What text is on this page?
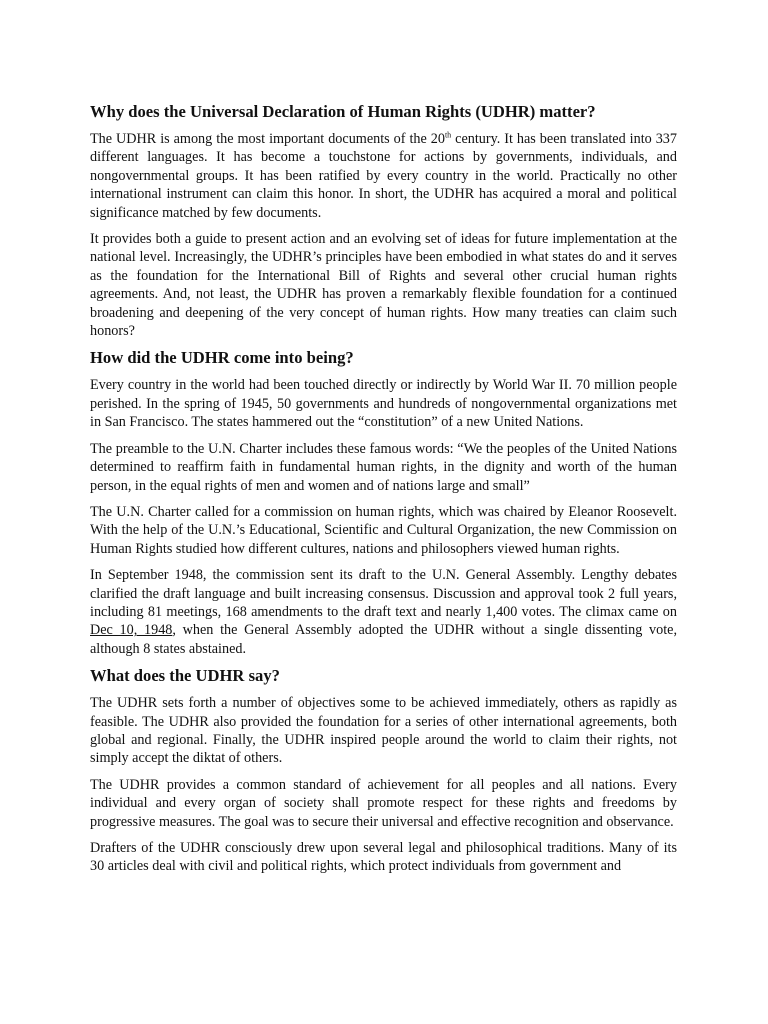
Why does the Universal Declaration of Human Rights (UDHR) matter?

The UDHR is among the most important documents of the 20th century. It has been translated into 337 different languages. It has become a touchstone for actions by governments, individuals, and nongovernmental groups. It has been ratified by every country in the world. Practically no other international instrument can claim this honor. In short, the UDHR has acquired a moral and political significance matched by few documents.

It provides both a guide to present action and an evolving set of ideas for future implementation at the national level. Increasingly, the UDHR’s principles have been embodied in what states do and it serves as the foundation for the International Bill of Rights and several other crucial human rights agreements. And, not least, the UDHR has proven a remarkably flexible foundation for a continued broadening and deepening of the very concept of human rights. How many treaties can claim such honors?

How did the UDHR come into being?

Every country in the world had been touched directly or indirectly by World War II. 70 million people perished. In the spring of 1945, 50 governments and hundreds of nongovernmental organizations met in San Francisco. The states hammered out the “constitution” of a new United Nations.

The preamble to the U.N. Charter includes these famous words: “We the peoples of the United Nations determined to reaffirm faith in fundamental human rights, in the dignity and worth of the human person, in the equal rights of men and women and of nations large and small”

The U.N. Charter called for a commission on human rights, which was chaired by Eleanor Roosevelt. With the help of the U.N.’s Educational, Scientific and Cultural Organization, the new Commission on Human Rights studied how different cultures, nations and philosophers viewed human rights.

In September 1948, the commission sent its draft to the U.N. General Assembly. Lengthy debates clarified the draft language and built increasing consensus. Discussion and approval took 2 full years, including 81 meetings, 168 amendments to the draft text and nearly 1,400 votes. The climax came on Dec 10, 1948, when the General Assembly adopted the UDHR without a single dissenting vote, although 8 states abstained.

What does the UDHR say?

The UDHR sets forth a number of objectives some to be achieved immediately, others as rapidly as feasible. The UDHR also provided the foundation for a series of other international agreements, both global and regional. Finally, the UDHR inspired people around the world to claim their rights, not simply accept the diktat of others.

The UDHR provides a common standard of achievement for all peoples and all nations. Every individual and every organ of society shall promote respect for these rights and freedoms by progressive measures. The goal was to secure their universal and effective recognition and observance.

Drafters of the UDHR consciously drew upon several legal and philosophical traditions. Many of its 30 articles deal with civil and political rights, which protect individuals from government and
